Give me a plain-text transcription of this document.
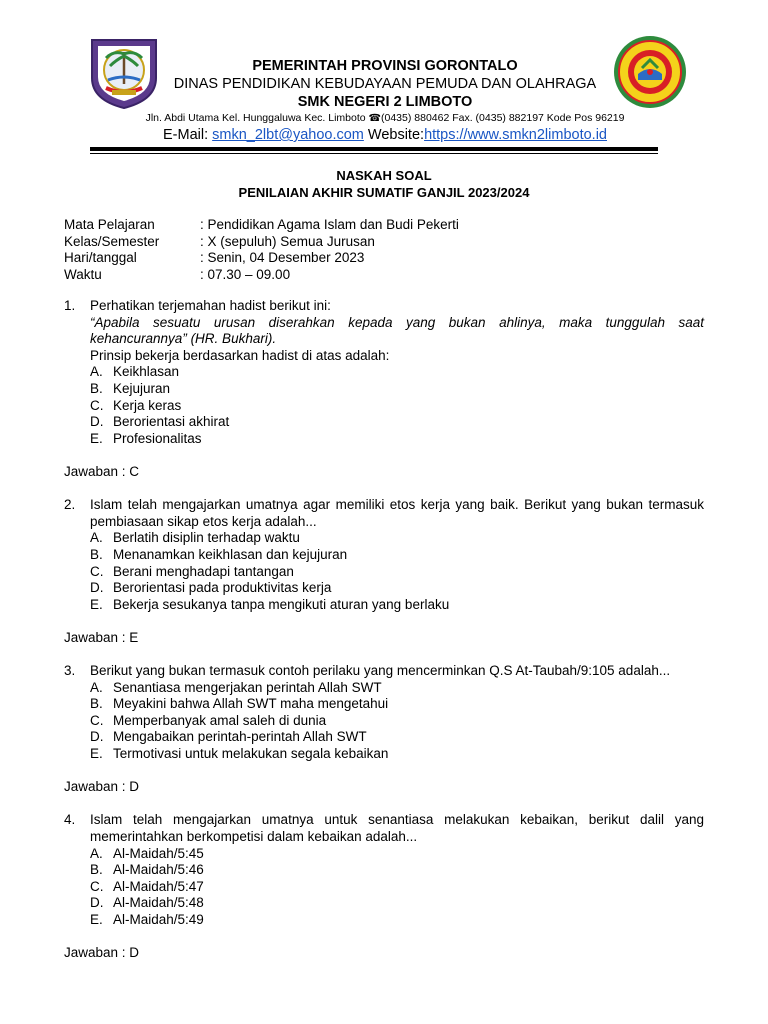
PEMERINTAH PROVINSI GORONTALO
DINAS PENDIDIKAN KEBUDAYAAN PEMUDA DAN OLAHRAGA
SMK NEGERI 2 LIMBOTO
Jln. Abdi Utama Kel. Hunggaluwa Kec. Limboto ☎(0435) 880462 Fax. (0435) 882197 Kode Pos 96219
E-Mail: smkn_2lbt@yahoo.com Website:https://www.smkn2limboto.id
NASKAH SOAL
PENILAIAN AKHIR SUMATIF GANJIL 2023/2024
Mata Pelajaran	: Pendidikan Agama Islam dan Budi Pekerti
Kelas/Semester	: X (sepuluh) Semua Jurusan
Hari/tanggal	: Senin, 04 Desember 2023
Waktu	: 07.30 – 09.00
1.	Perhatikan terjemahan hadist berikut ini:
“Apabila sesuatu urusan diserahkan kepada yang bukan ahlinya, maka tunggulah saat kehancurannya” (HR. Bukhari).
Prinsip bekerja berdasarkan hadist di atas adalah:
A. Keikhlasan
B. Kejujuran
C. Kerja keras
D. Berorientasi akhirat
E. Profesionalitas
Jawaban : C
2.	Islam telah mengajarkan umatnya agar memiliki etos kerja yang baik. Berikut yang bukan termasuk pembiasaan sikap etos kerja adalah...
A. Berlatih disiplin terhadap waktu
B. Menanamkan keikhlasan dan kejujuran
C. Berani menghadapi tantangan
D. Berorientasi pada produktivitas kerja
E. Bekerja sesukanya tanpa mengikuti aturan yang berlaku
Jawaban : E
3.	Berikut yang bukan termasuk contoh perilaku yang mencerminkan Q.S At-Taubah/9:105 adalah...
A. Senantiasa mengerjakan perintah Allah SWT
B. Meyakini bahwa Allah SWT maha mengetahui
C. Memperbanyak amal saleh di dunia
D. Mengabaikan perintah-perintah Allah SWT
E. Termotivasi untuk melakukan segala kebaikan
Jawaban : D
4.	Islam telah mengajarkan umatnya untuk senantiasa melakukan kebaikan, berikut dalil yang memerintahkan berkompetisi dalam kebaikan adalah...
A. Al-Maidah/5:45
B. Al-Maidah/5:46
C. Al-Maidah/5:47
D. Al-Maidah/5:48
E. Al-Maidah/5:49
Jawaban : D
